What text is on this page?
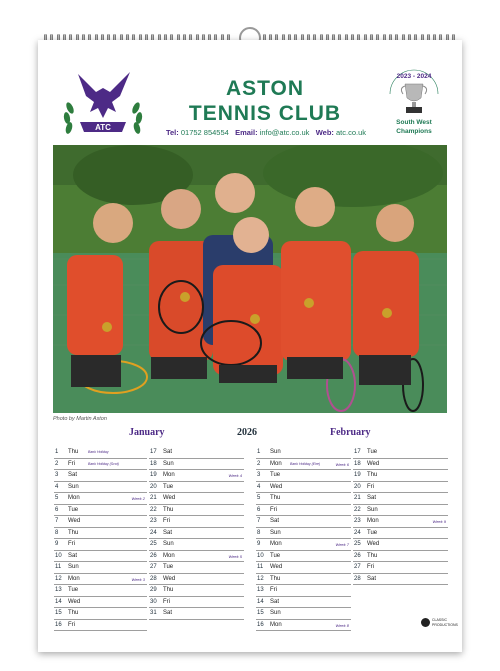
ATC
ASTON
TENNIS CLUB
Tel: 01752 854554 Email: info@atc.co.uk Web: atc.co.uk
2023 - 2024
South West
Champions
Photo by Martin Aston
January	2026	February
1 Thu	Bank Holiday
2 Fri	Bank Holiday (Scot)
3 Sat
4 Sun
5 Mon	Week 2
6 Tue
7 Wed
8 Thu
9 Fri
10 Sat
11 Sun
12 Mon	Week 3
13 Tue
14 Wed
15 Thu
16 Fri
17 Sat
18 Sun
19 Mon	Week 4
20 Tue
21 Wed
22 Thu
23 Fri
24 Sat
25 Sun
26 Mon	Week 5
27 Tue
28 Wed
29 Thu
30 Fri
31 Sat
1 Sun
2 Mon Bank Holiday (Eire)	Week 6
3 Tue
4 Wed
5 Thu
6 Fri
7 Sat
8 Sun
9 Mon	Week 7
10 Tue
11 Wed
12 Thu
13 Fri
14 Sat
15 Sun
16 Mon	Week 8
17 Tue
18 Wed
19 Thu
20 Fri
21 Sat
22 Sun
23 Mon	Week 9
24 Tue
25 Wed
26 Thu
27 Fri
28 Sat
CLASSIC
PRODUCTIONS
